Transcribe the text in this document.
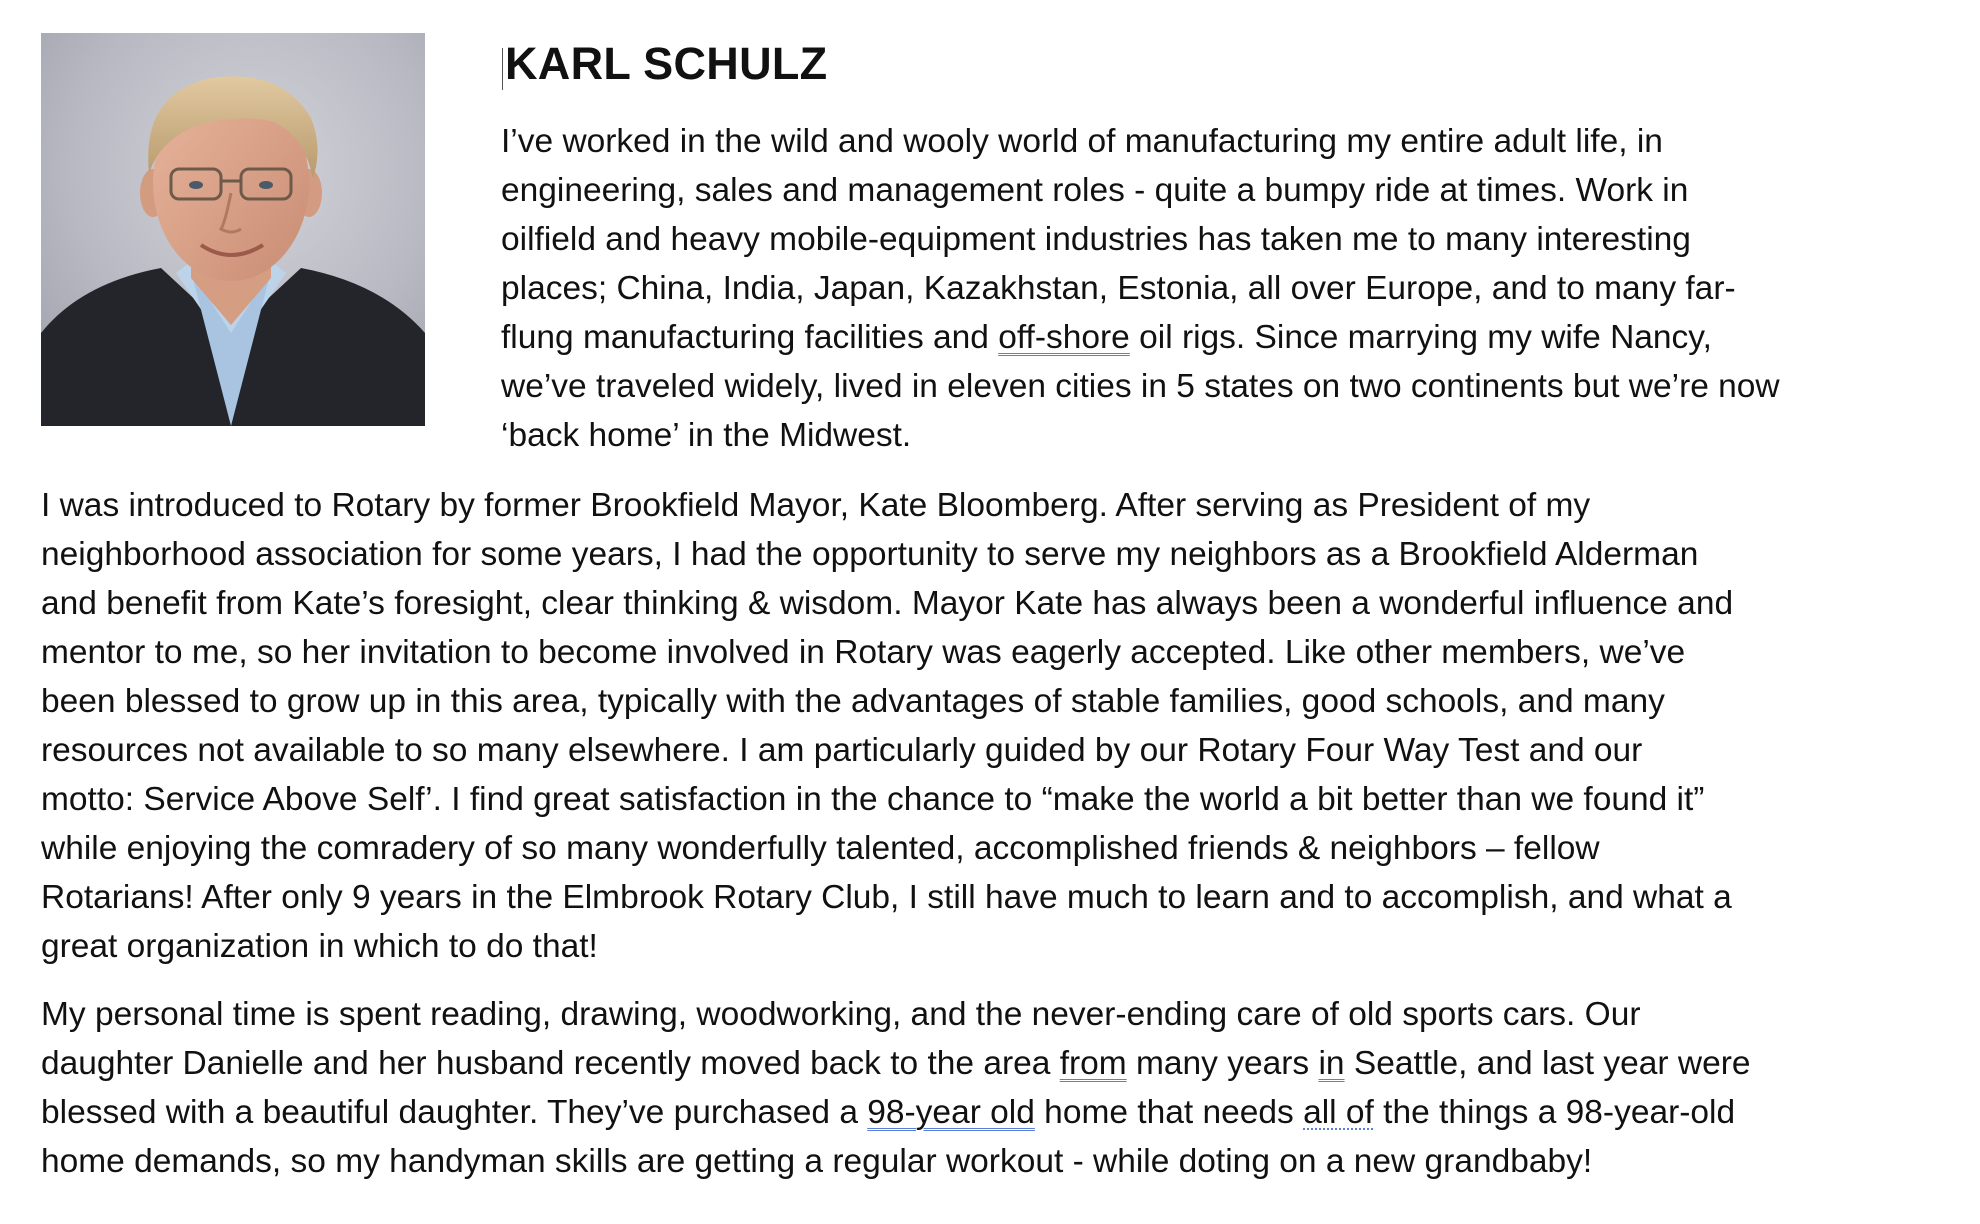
KARL SCHULZ

I’ve worked in the wild and wooly world of manufacturing my entire adult life, in
engineering, sales and management roles - quite a bumpy ride at times. Work in
oilfield and heavy mobile-equipment industries has taken me to many interesting
places; China, India, Japan, Kazakhstan, Estonia, all over Europe, and to many far-
flung manufacturing facilities and off-shore oil rigs. Since marrying my wife Nancy,
we’ve traveled widely, lived in eleven cities in 5 states on two continents but we’re now
‘back home’ in the Midwest.

I was introduced to Rotary by former Brookfield Mayor, Kate Bloomberg. After serving as President of my
neighborhood association for some years, I had the opportunity to serve my neighbors as a Brookfield Alderman
and benefit from Kate’s foresight, clear thinking & wisdom. Mayor Kate has always been a wonderful influence and
mentor to me, so her invitation to become involved in Rotary was eagerly accepted. Like other members, we’ve
been blessed to grow up in this area, typically with the advantages of stable families, good schools, and many
resources not available to so many elsewhere. I am particularly guided by our Rotary Four Way Test and our
motto: Service Above Self’. I find great satisfaction in the chance to “make the world a bit better than we found it”
while enjoying the comradery of so many wonderfully talented, accomplished friends & neighbors – fellow
Rotarians! After only 9 years in the Elmbrook Rotary Club, I still have much to learn and to accomplish, and what a
great organization in which to do that!

My personal time is spent reading, drawing, woodworking, and the never-ending care of old sports cars. Our
daughter Danielle and her husband recently moved back to the area from many years in Seattle, and last year were
blessed with a beautiful daughter. They’ve purchased a 98-year old home that needs all of the things a 98-year-old
home demands, so my handyman skills are getting a regular workout - while doting on a new grandbaby!
